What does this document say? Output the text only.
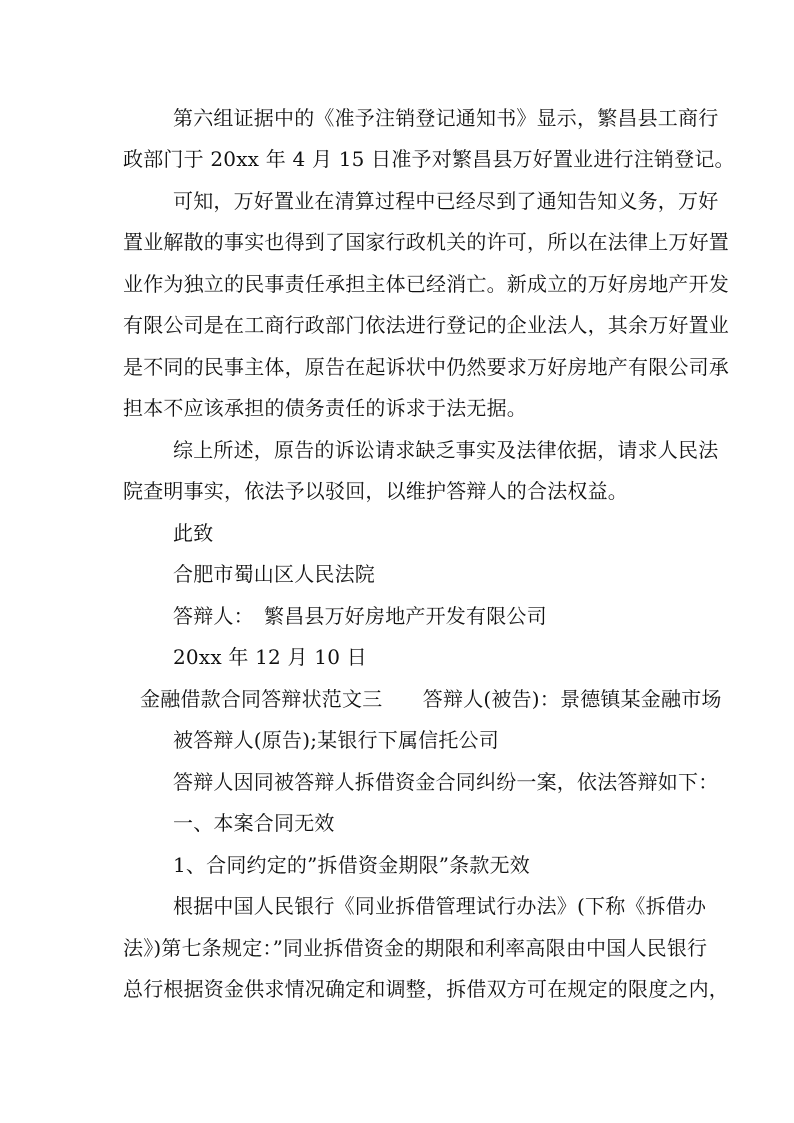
第六组证据中的《准予注销登记通知书》显示，繁昌县工商行
政部门于 20xx 年 4 月 15 日准予对繁昌县万好置业进行注销登记。
可知，万好置业在清算过程中已经尽到了通知告知义务，万好
置业解散的事实也得到了国家行政机关的许可，所以在法律上万好置
业作为独立的民事责任承担主体已经消亡。新成立的万好房地产开发
有限公司是在工商行政部门依法进行登记的企业法人，其余万好置业
是不同的民事主体，原告在起诉状中仍然要求万好房地产有限公司承
担本不应该承担的债务责任的诉求于法无据。
综上所述，原告的诉讼请求缺乏事实及法律依据，请求人民法
院查明事实，依法予以驳回，以维护答辩人的合法权益。
此致
合肥市蜀山区人民法院
答辩人：　繁昌县万好房地产开发有限公司
20xx 年 12 月 10 日
金融借款合同答辩状范文三　　答辩人(被告)：景德镇某金融市场
被答辩人(原告);某银行下属信托公司
答辩人因同被答辩人拆借资金合同纠纷一案，依法答辩如下：
一、本案合同无效
1、合同约定的”拆借资金期限”条款无效
根据中国人民银行《同业拆借管理试行办法》(下称《拆借办
法》)第七条规定：”同业拆借资金的期限和利率高限由中国人民银行
总行根据资金供求情况确定和调整，拆借双方可在规定的限度之内，
